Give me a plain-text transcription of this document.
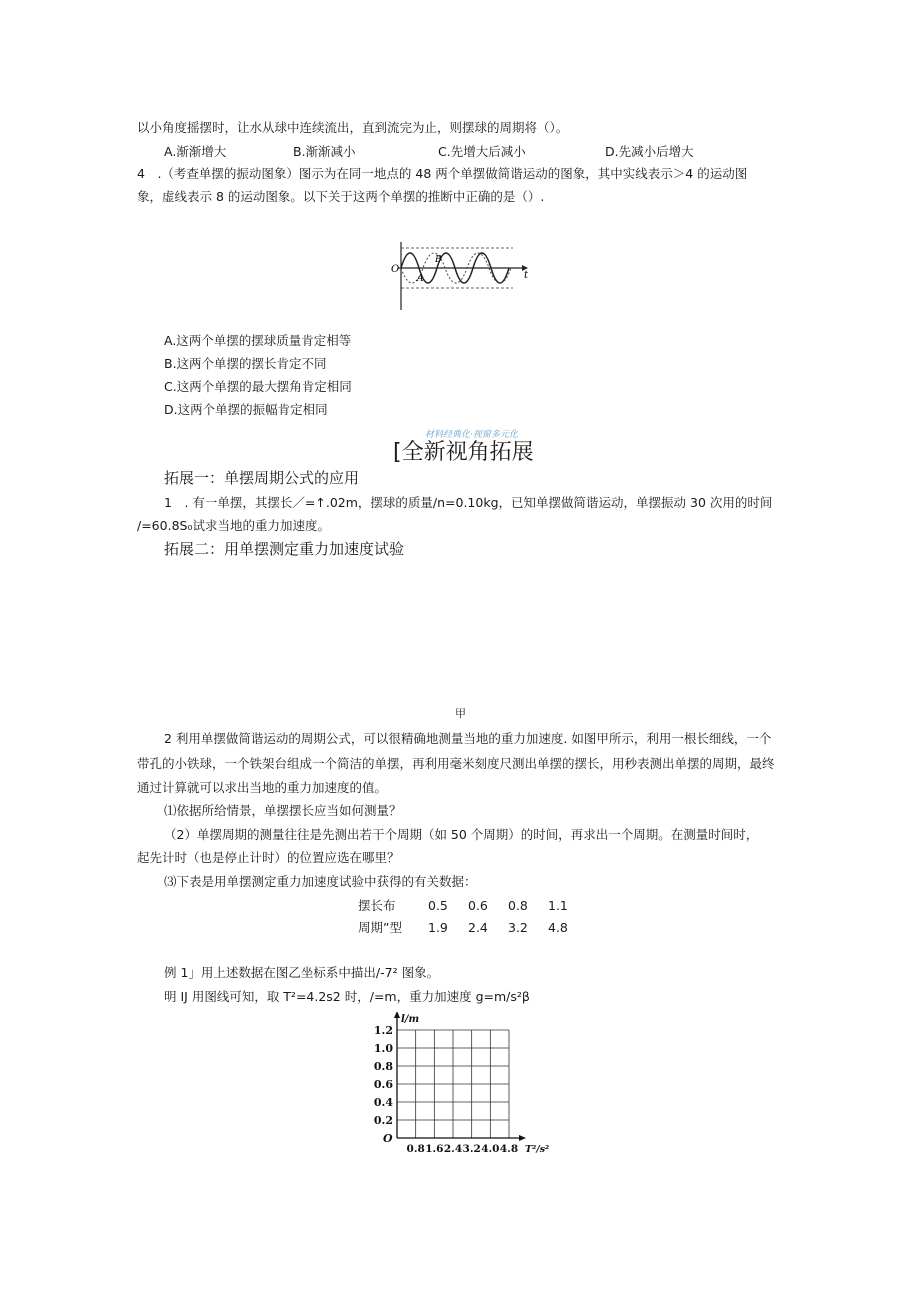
以小角度摇摆时，让水从球中连续流出，直到流完为止，则摆球的周期将（）。
A.渐渐增大	B.渐渐减小	C.先增大后减小	D.先减小后增大
4　.（考查单摆的振动图象）图示为在同一地点的 48 两个单摆做简谐运动的图象，其中实线表示＞4 的运动图
象，虚线表示 8 的运动图象。以下关于这两个单摆的推断中正确的是（）.
O
t
B
A
A.这两个单摆的摆球质量肯定相等
B.这两个单摆的摆长肯定不同
C.这两个单摆的最大摆角肯定相同
D.这两个单摆的振幅肯定相同
材料经典化·视窗多元化
[全新视角拓展
拓展一：单摆周期公式的应用
1　. 有一单摆，其摆长／=↑.02m，摆球的质量/n=0.10kg，已知单摆做简谐运动，单摆振动 30 次用的时间
/=60.8S₀试求当地的重力加速度。
拓展二：用单摆测定重力加速度试验
甲
2 利用单摆做简谐运动的周期公式，可以很精确地测量当地的重力加速度. 如图甲所示，利用一根长细线，一个
带孔的小铁球，一个铁架台组成一个简洁的单摆，再利用毫米刻度尺测出单摆的摆长，用秒表测出单摆的周期，最终
通过计算就可以求出当地的重力加速度的值。
⑴依据所给情景，单摆摆长应当如何测量？
（2）单摆周期的测量往往是先测出若干个周期（如 50 个周期）的时间，再求出一个周期。在测量时间时，
起先计时（也是停止计时）的位置应选在哪里？
⑶下表是用单摆测定重力加速度试验中获得的有关数据：
摆长布	0.5	0.6	0.8	1.1
周期”型	1.9	2.4	3.2	4.8
例 1」用上述数据在图乙坐标系中描出/-7² 图象。
明 IJ 用图线可知，取 T²=4.2s2 时，/=m，重力加速度 g=m∕s²β
0.2
0.4
0.6
0.8
1.0
1.2
0.8 1.6 2.4 3.2 4.0 4.8
O
l/m
T²/s²
